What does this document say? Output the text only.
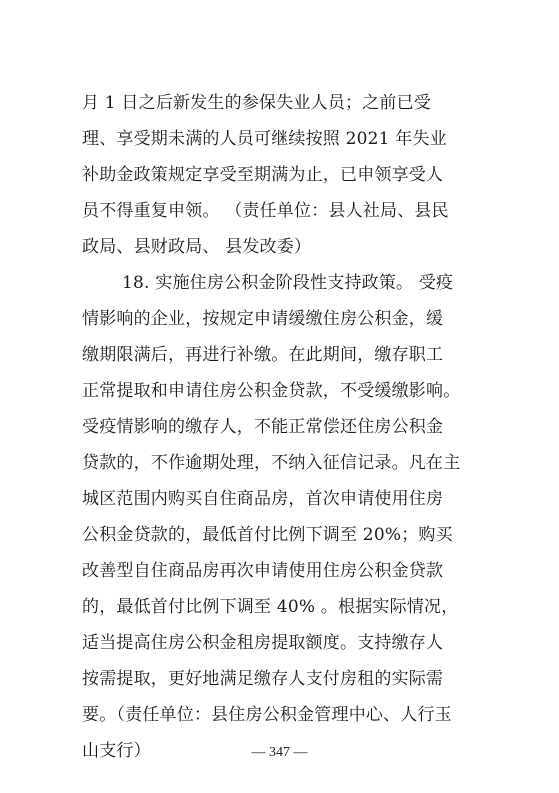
月 1 日之后新发生的参保失业人员；之前已受
理、享受期未满的人员可继续按照 2021 年失业
补助金政策规定享受至期满为止，已申领享受人
员不得重复申领。 （责任单位：县人社局、县民
政局、县财政局、 县发改委）
18. 实施住房公积金阶段性支持政策。 受疫
情影响的企业，按规定申请缓缴住房公积金，缓
缴期限满后，再进行补缴。在此期间，缴存职工
正常提取和申请住房公积金贷款，不受缓缴影响。
受疫情影响的缴存人，不能正常偿还住房公积金
贷款的，不作逾期处理，不纳入征信记录。凡在主
城区范围内购买自住商品房，首次申请使用住房
公积金贷款的，最低首付比例下调至 20%；购买
改善型自住商品房再次申请使用住房公积金贷款
的，最低首付比例下调至 40% 。根据实际情况，
适当提高住房公积金租房提取额度。支持缴存人
按需提取，更好地满足缴存人支付房租的实际需
要。（责任单位：县住房公积金管理中心、人行玉
山支行）	— 347 —
